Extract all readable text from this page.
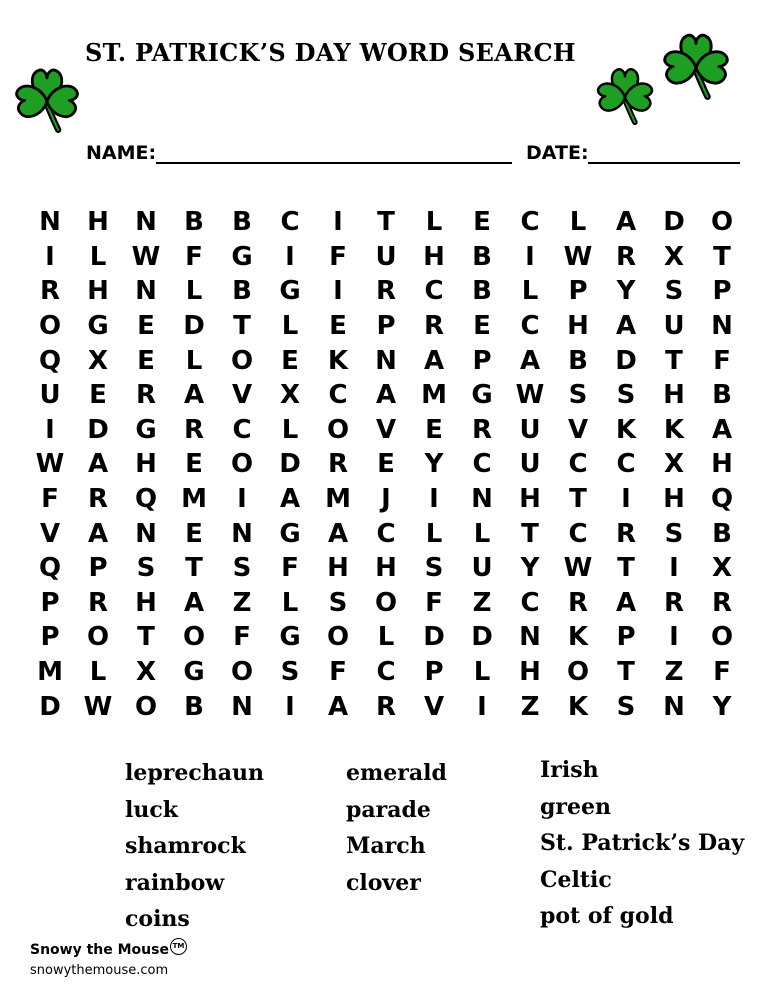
ST. PATRICK’S DAY WORD SEARCH
NAME:	DATE:
N	H	N	B	B	C	I	T	L	E	C	L	A	D	O
I	L W F	G	I	F	U	H	B	I	W R	X	T
R	H	N	L	B	G	I	R	C	B	L	P	Y	S	P
O	G	E	D	T	L	E	P	R	E	C	H	A	U	N
Q	X	E	L	O	E	K	N	A	P	A	B	D	T	F
U	E	R	A	V	X	C	A M G W S	S	H	B
I	D	G	R	C	L	O	V	E	R	U	V	K	K	A
W A	H	E	O	D	R	E	Y	C	U	C	C	X	H
F	R	Q M	I	A M	J	I	N	H	T	I	H	Q
V	A	N	E	N	G	A	C	L	L	T	C	R	S	B
Q	P	S	T	S	F	H	H	S	U	Y W T	I	X
P	R	H	A	Z	L	S	O	F	Z	C	R	A	R	R
P	O	T	O	F	G	O	L	D	D	N	K	P	I	O
M	L	X	G	O	S	F	C	P	L	H	O	T	Z	F
D W O	B	N	I	A	R	V	I	Z	K	S	N	Y
leprechaun
luck
shamrock
rainbow
coins
emerald
parade
March
clover
Irish
green
St. Patrick’s Day
Celtic
pot of gold
Snowy the Mouse TM
snowythemouse.com
